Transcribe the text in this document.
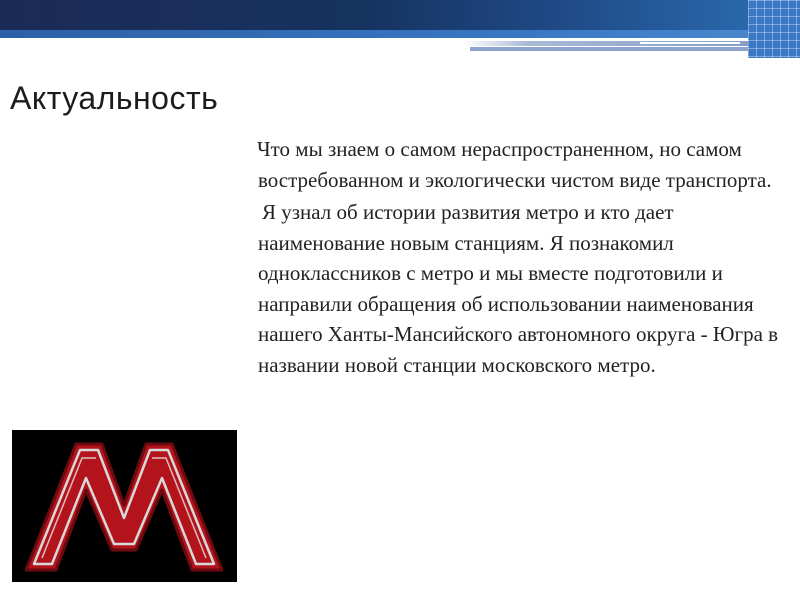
Актуальность

Что мы знаем о самом нераспространенном, но самом востребованном и экологически чистом виде транспорта.

Я узнал об истории развития метро и кто дает наименование новым станциям. Я познакомил одноклассников с метро и мы вместе подготовили и направили обращения об использовании наименования нашего Ханты-Мансийского автономного округа - Югра в названии новой станции московского метро.
